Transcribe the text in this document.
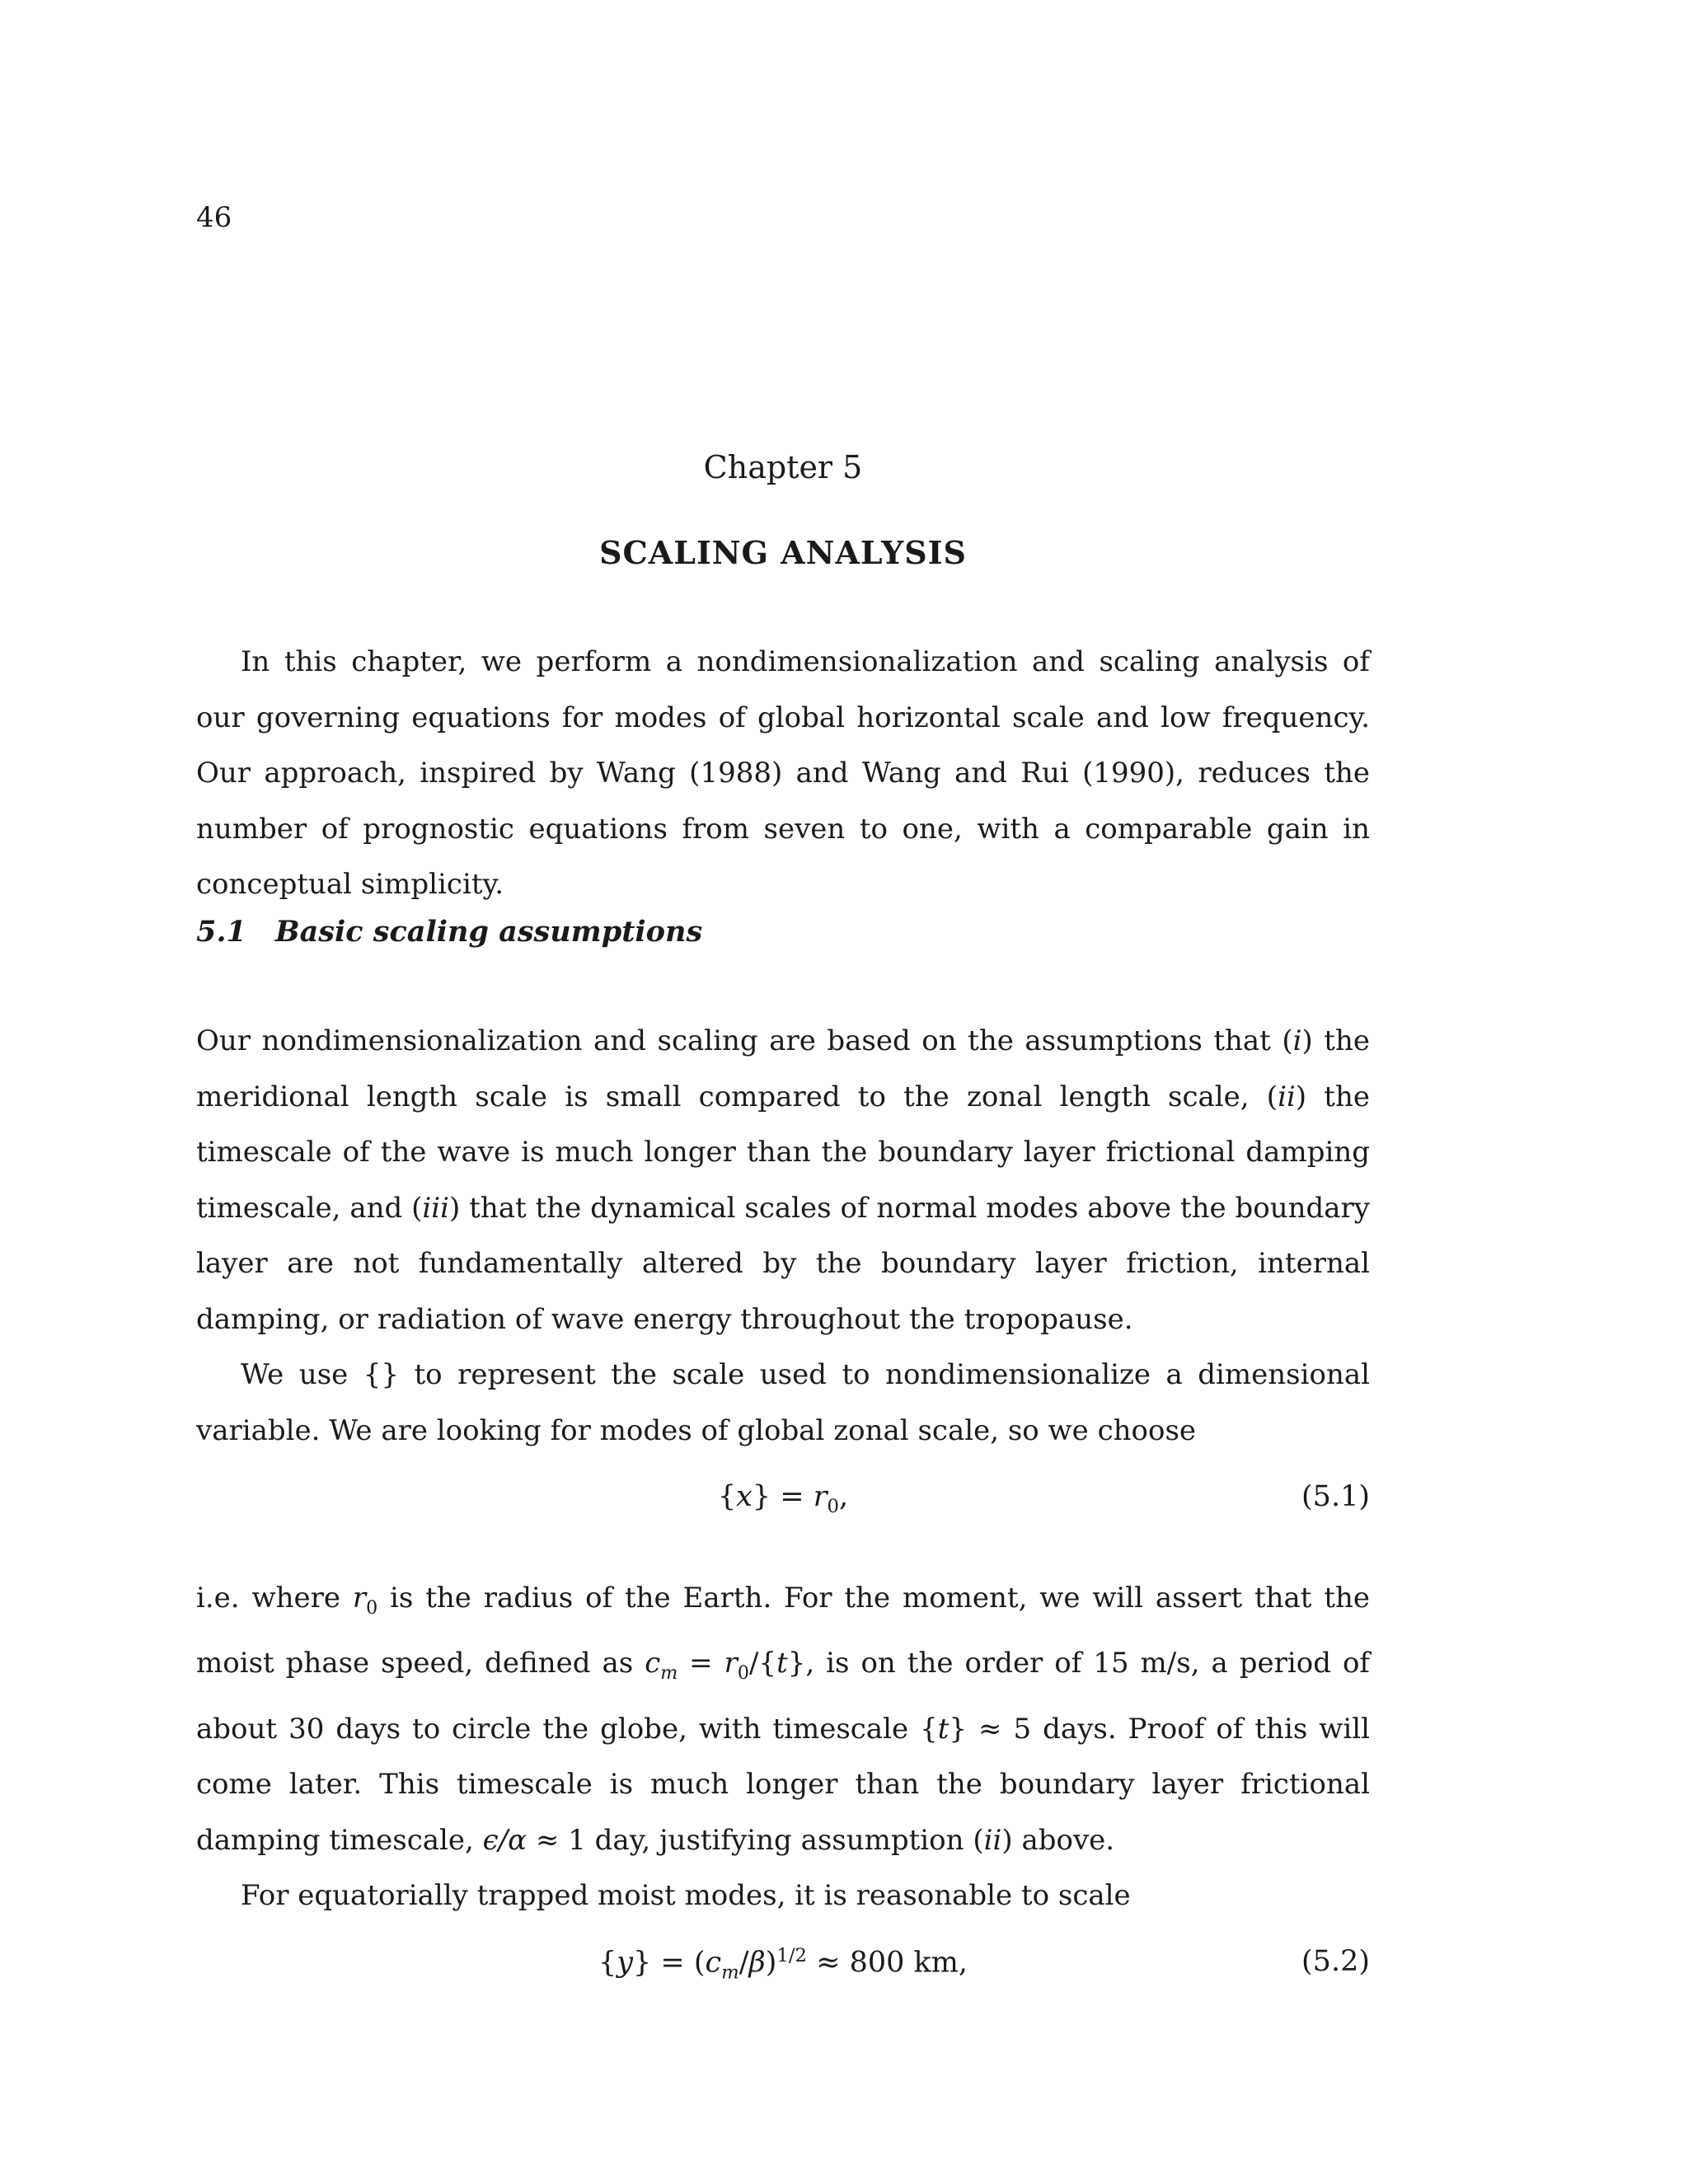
46
Chapter 5
SCALING ANALYSIS

In this chapter, we perform a nondimensionalization and scaling analysis of our governing equations for modes of global horizontal scale and low frequency. Our approach, inspired by Wang (1988) and Wang and Rui (1990), reduces the number of prognostic equations from seven to one, with a comparable gain in conceptual simplicity.

5.1 Basic scaling assumptions

Our nondimensionalization and scaling are based on the assumptions that (i) the meridional length scale is small compared to the zonal length scale, (ii) the timescale of the wave is much longer than the boundary layer frictional damping timescale, and (iii) that the dynamical scales of normal modes above the boundary layer are not fundamentally altered by the boundary layer friction, internal damping, or radiation of wave energy throughout the tropopause.

We use {} to represent the scale used to nondimensionalize a dimensional variable. We are looking for modes of global zonal scale, so we choose

$\{x\} = r_0$,	(5.1)

i.e. where $r_0$ is the radius of the Earth. For the moment, we will assert that the moist phase speed, defined as $c_m = r_0/\{t\}$, is on the order of 15 m/s, a period of about 30 days to circle the globe, with timescale {t} ≈ 5 days. Proof of this will come later. This timescale is much longer than the boundary layer frictional damping timescale, ϵ/α ≈ 1 day, justifying assumption (ii) above.

For equatorially trapped moist modes, it is reasonable to scale

$\{y\} = (c_m/\beta)^{1/2} \approx 800$ km,	(5.2)
